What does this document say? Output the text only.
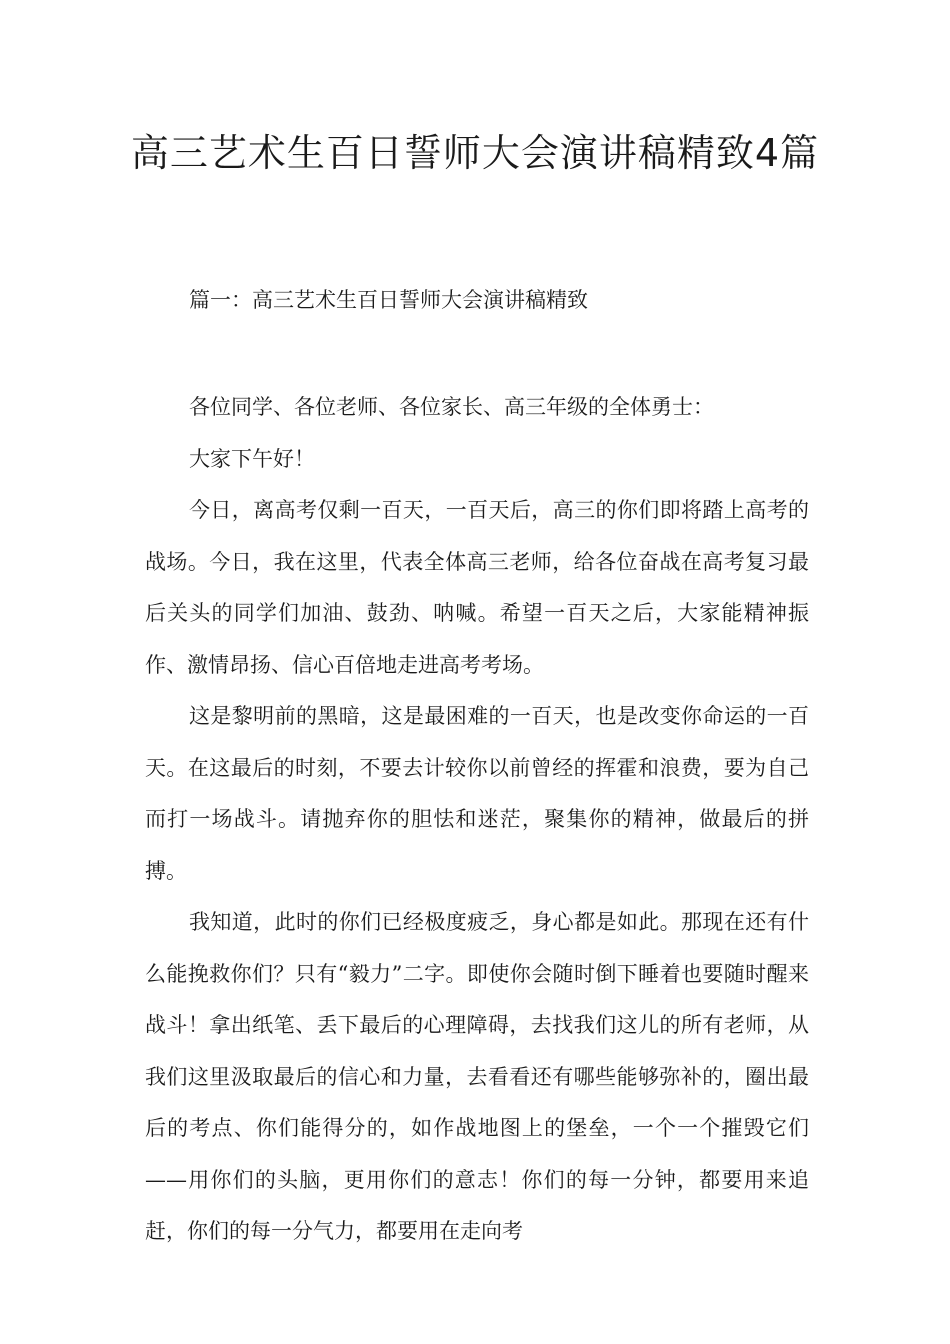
高三艺术生百日誓师大会演讲稿精致4篇

篇一：高三艺术生百日誓师大会演讲稿精致

各位同学、各位老师、各位家长、高三年级的全体勇士：

大家下午好！

今日，离高考仅剩一百天，一百天后，高三的你们即将踏上高考的战场。今日，我在这里，代表全体高三老师，给各位奋战在高考复习最后关头的同学们加油、鼓劲、呐喊。希望一百天之后，大家能精神振作、激情昂扬、信心百倍地走进高考考场。

这是黎明前的黑暗，这是最困难的一百天，也是改变你命运的一百天。在这最后的时刻，不要去计较你以前曾经的挥霍和浪费，要为自己而打一场战斗。请抛弃你的胆怯和迷茫，聚集你的精神，做最后的拼搏。

我知道，此时的你们已经极度疲乏，身心都是如此。那现在还有什么能挽救你们？只有“毅力”二字。即使你会随时倒下睡着也要随时醒来战斗！拿出纸笔、丢下最后的心理障碍，去找我们这儿的所有老师，从我们这里汲取最后的信心和力量，去看看还有哪些能够弥补的，圈出最后的考点、你们能得分的，如作战地图上的堡垒，一个一个摧毁它们——用你们的头脑，更用你们的意志！你们的每一分钟，都要用来追赶，你们的每一分气力，都要用在走向考
